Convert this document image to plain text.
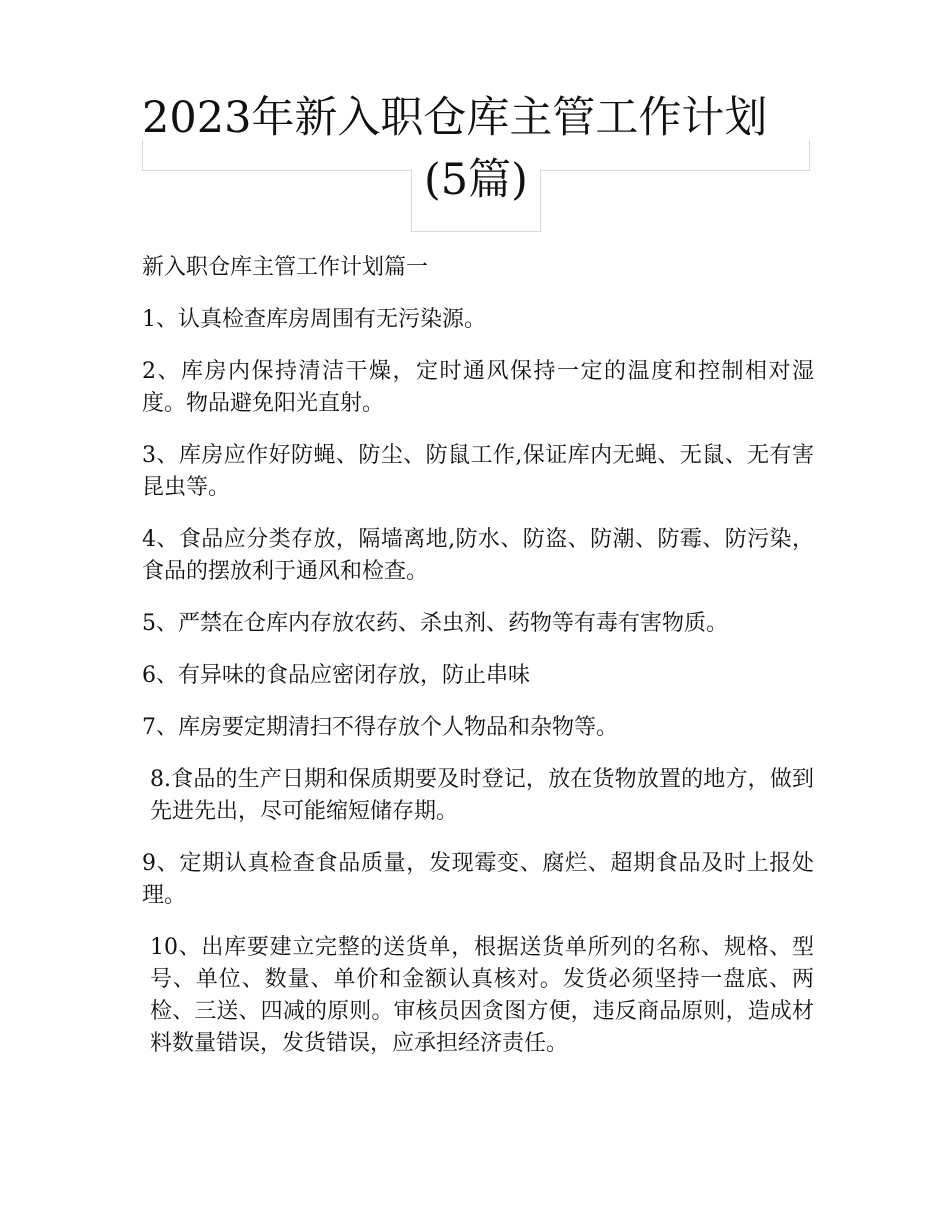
2023年新入职仓库主管工作计划
(5篇)

新入职仓库主管工作计划篇一

1、认真检查库房周围有无污染源。

2、库房内保持清洁干燥，定时通风保持一定的温度和控制相对湿度。物品避免阳光直射。

3、库房应作好防蝇、防尘、防鼠工作,保证库内无蝇、无鼠、无有害昆虫等。

4、食品应分类存放，隔墙离地,防水、防盗、防潮、防霉、防污染，食品的摆放利于通风和检查。

5、严禁在仓库内存放农药、杀虫剂、药物等有毒有害物质。

6、有异味的食品应密闭存放，防止串味

7、库房要定期清扫不得存放个人物品和杂物等。

8.食品的生产日期和保质期要及时登记，放在货物放置的地方，做到先进先出，尽可能缩短储存期。

9、定期认真检查食品质量，发现霉变、腐烂、超期食品及时上报处理。

10、出库要建立完整的送货单，根据送货单所列的名称、规格、型号、单位、数量、单价和金额认真核对。发货必须坚持一盘底、两检、三送、四减的原则。审核员因贪图方便，违反商品原则，造成材料数量错误，发货错误，应承担经济责任。
